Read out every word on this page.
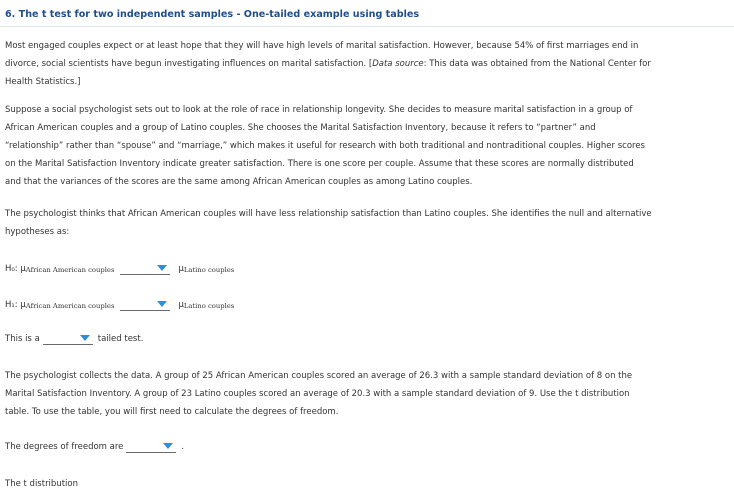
6. The t test for two independent samples - One-tailed example using tables
Most engaged couples expect or at least hope that they will have high levels of marital satisfaction. However, because 54% of first marriages end in
divorce, social scientists have begun investigating influences on marital satisfaction. [Data source: This data was obtained from the National Center for
Health Statistics.]
Suppose a social psychologist sets out to look at the role of race in relationship longevity. She decides to measure marital satisfaction in a group of
African American couples and a group of Latino couples. She chooses the Marital Satisfaction Inventory, because it refers to “partner” and
“relationship” rather than “spouse” and “marriage,” which makes it useful for research with both traditional and nontraditional couples. Higher scores
on the Marital Satisfaction Inventory indicate greater satisfaction. There is one score per couple. Assume that these scores are normally distributed
and that the variances of the scores are the same among African American couples as among Latino couples.
The psychologist thinks that African American couples will have less relationship satisfaction than Latino couples. She identifies the null and alternative
hypotheses as:
H₀:
μ African American couples	μ Latino couples
H₁:
μ African American couples	μ Latino couples
This is a	tailed test.
The psychologist collects the data. A group of 25 African American couples scored an average of 26.3 with a sample standard deviation of 8 on the
Marital Satisfaction Inventory. A group of 23 Latino couples scored an average of 20.3 with a sample standard deviation of 9. Use the t distribution
table. To use the table, you will first need to calculate the degrees of freedom.
The degrees of freedom are	.
The t distribution
